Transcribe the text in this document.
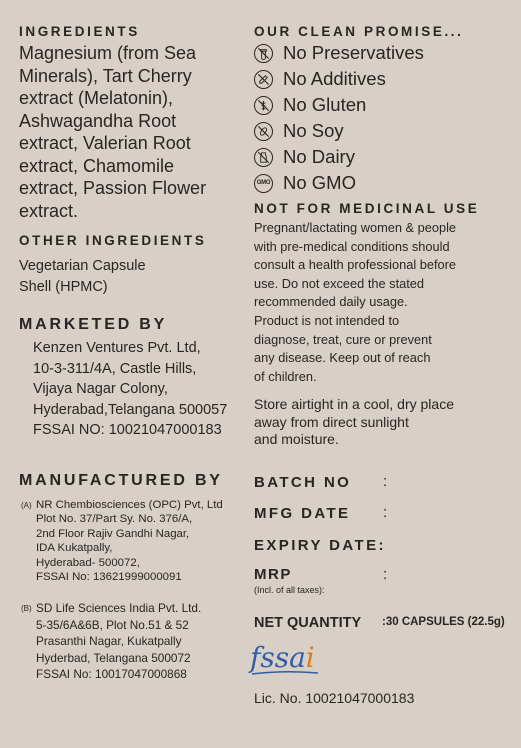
INGREDIENTS
Magnesium (from Sea
Minerals), Tart Cherry
extract (Melatonin),
Ashwagandha Root
extract, Valerian Root
extract, Chamomile
extract, Passion Flower
extract.
OTHER INGREDIENTS
Vegetarian Capsule
Shell (HPMC)
MARKETED BY
Kenzen Ventures Pvt. Ltd,
10-3-311/4A, Castle Hills,
Vijaya Nagar Colony,
Hyderabad,Telangana 500057
FSSAI NO: 10021047000183
MANUFACTURED BY
(A) NR Chembiosciences (OPC) Pvt, Ltd
Plot No. 37/Part Sy. No. 376/A,
2nd Floor Rajiv Gandhi Nagar,
IDA Kukatpally,
Hyderabad- 500072,
FSSAI No: 13621999000091
(B) SD Life Sciences India Pvt. Ltd.
5-35/6A&6B, Plot No.51 & 52
Prasanthi Nagar, Kukatpally
Hyderbad, Telangana 500072
FSSAI No: 10017047000868
OUR CLEAN PROMISE...
No Preservatives
No Additives
No Gluten
No Soy
No Dairy
GMO No GMO
NOT FOR MEDICINAL USE
Pregnant/lactating women & people
with pre-medical conditions should
consult a health professional before
use. Do not exceed the stated
recommended daily usage.
Product is not intended to
diagnose, treat, cure or prevent
any disease. Keep out of reach
of children.
Store airtight in a cool, dry place
away from direct sunlight
and moisture.
BATCH NO :
MFG DATE :
EXPIRY DATE:
MRP	:
(Incl. of all taxes):
NET QUANTITY :30 CAPSULES (22.5g)
fssai
Lic. No. 10021047000183
